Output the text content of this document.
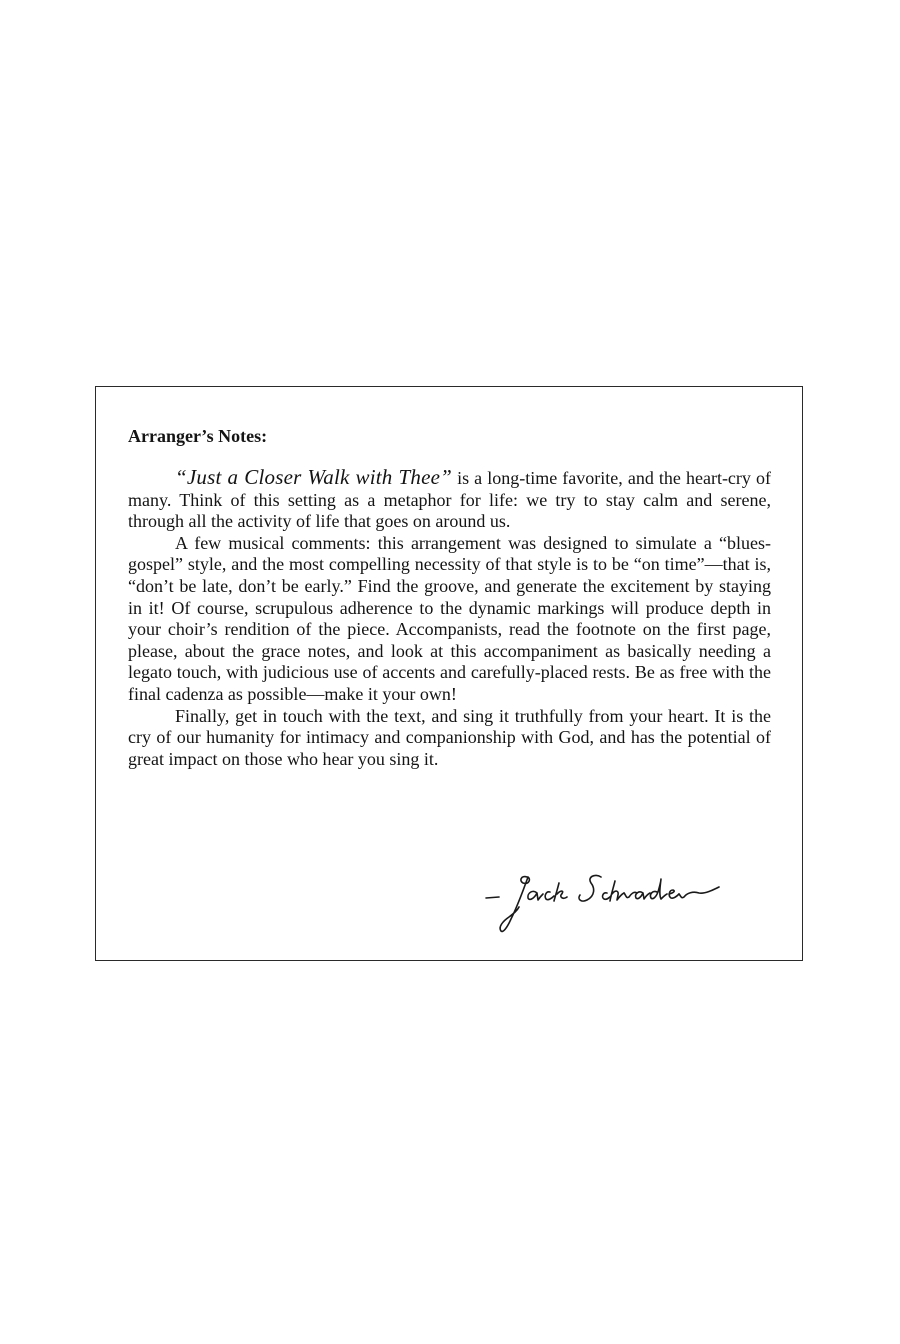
Arranger’s Notes:

“Just a Closer Walk with Thee” is a long-time favorite, and the heart-cry of many. Think of this setting as a metaphor for life: we try to stay calm and serene, through all the activity of life that goes on around us.

A few musical comments: this arrangement was designed to simulate a “blues-gospel” style, and the most compelling necessity of that style is to be “on time”—that is, “don’t be late, don’t be early.” Find the groove, and generate the excitement by staying in it! Of course, scrupulous adherence to the dynamic markings will produce depth in your choir’s rendition of the piece. Accompanists, read the footnote on the first page, please, about the grace notes, and look at this accompaniment as basically needing a legato touch, with judicious use of accents and carefully-placed rests. Be as free with the final cadenza as possible—make it your own!

Finally, get in touch with the text, and sing it truthfully from your heart. It is the cry of our humanity for intimacy and companionship with God, and has the potential of great impact on those who hear you sing it.
